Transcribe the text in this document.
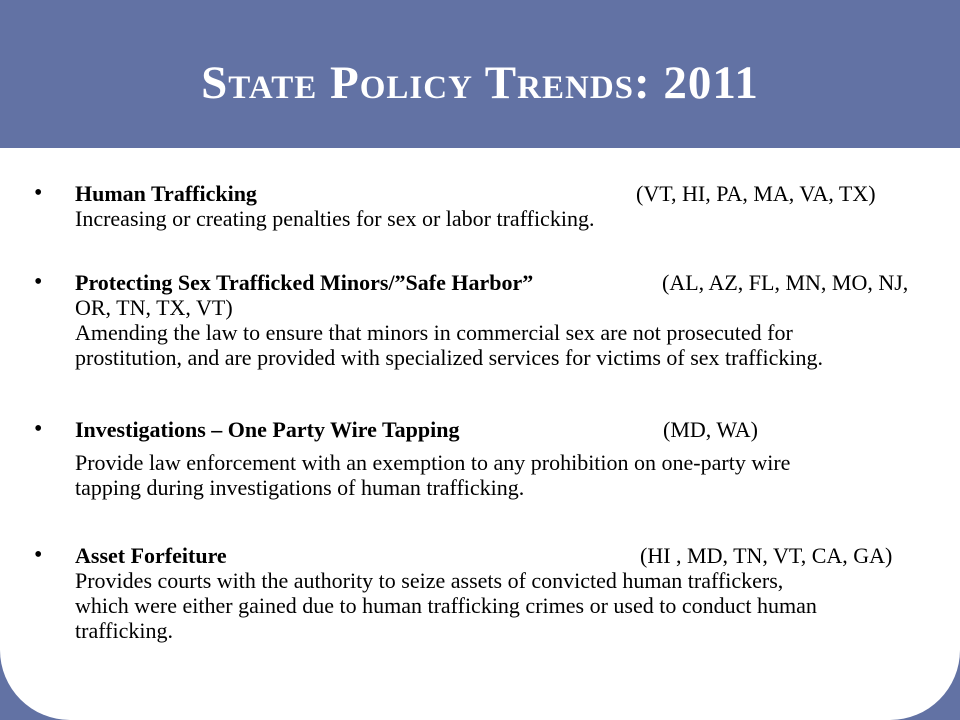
State Policy Trends: 2011
• Human Trafficking	(VT, HI, PA, MA, VA, TX)
Increasing or creating penalties for sex or labor trafficking.
• Protecting Sex Trafficked Minors/”Safe Harbor”	(AL, AZ, FL, MN, MO, NJ,
OR, TN, TX, VT)
Amending the law to ensure that minors in commercial sex are not prosecuted for
prostitution, and are provided with specialized services for victims of sex trafficking.
• Investigations – One Party Wire Tapping	(MD, WA)
Provide law enforcement with an exemption to any prohibition on one-party wire
tapping during investigations of human trafficking.
• Asset Forfeiture	(HI , MD, TN, VT, CA, GA)
Provides courts with the authority to seize assets of convicted human traffickers,
which were either gained due to human trafficking crimes or used to conduct human
trafficking.
